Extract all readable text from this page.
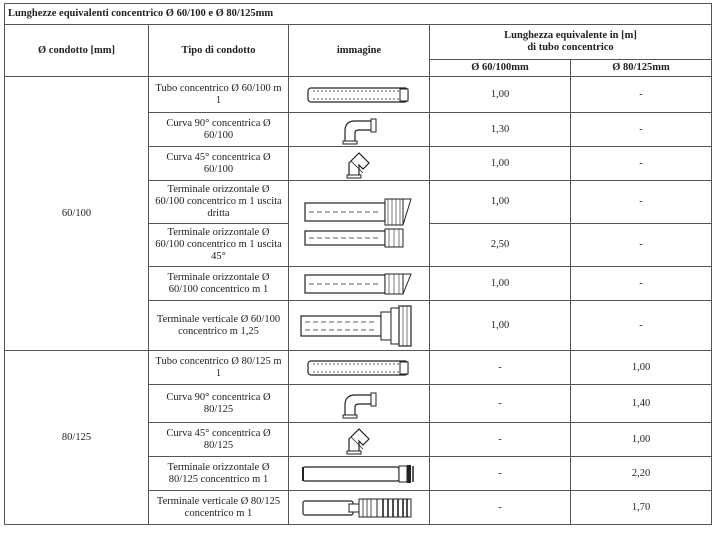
Lunghezze equivalenti concentrico Ø 60/100 e Ø 80/125mm				
Ø condotto [mm]	Tipo di condotto	immagine	Lunghezza equivalente in [m]
di tubo concentrico	

			Ø 60/100mm	Ø 80/125mm
60/100	Tubo concentrico Ø 60/100 m 1		1,00	-
	Curva 90° concentrica Ø 60/100		1,30	-
	Curva 45° concentrica Ø 60/100		1,00	-
	Terminale orizzontale Ø 60/100 concentrico m 1 uscita dritta		1,00	-
	Terminale orizzontale Ø 60/100 concentrico m 1 uscita 45°		2,50	-
	Terminale orizzontale Ø 60/100 concentrico m 1		1,00	-
	Terminale verticale Ø 60/100 concentrico m 1,25		1,00	-
80/125	Tubo concentrico Ø 80/125 m 1		-	1,00
	Curva 90° concentrica Ø 80/125		-	1,40
	Curva 45° concentrica Ø 80/125		-	1,00
	Terminale orizzontale Ø 80/125 concentrico m 1		-	2,20
	Terminale verticale Ø 80/125 concentrico m 1		-	1,70
